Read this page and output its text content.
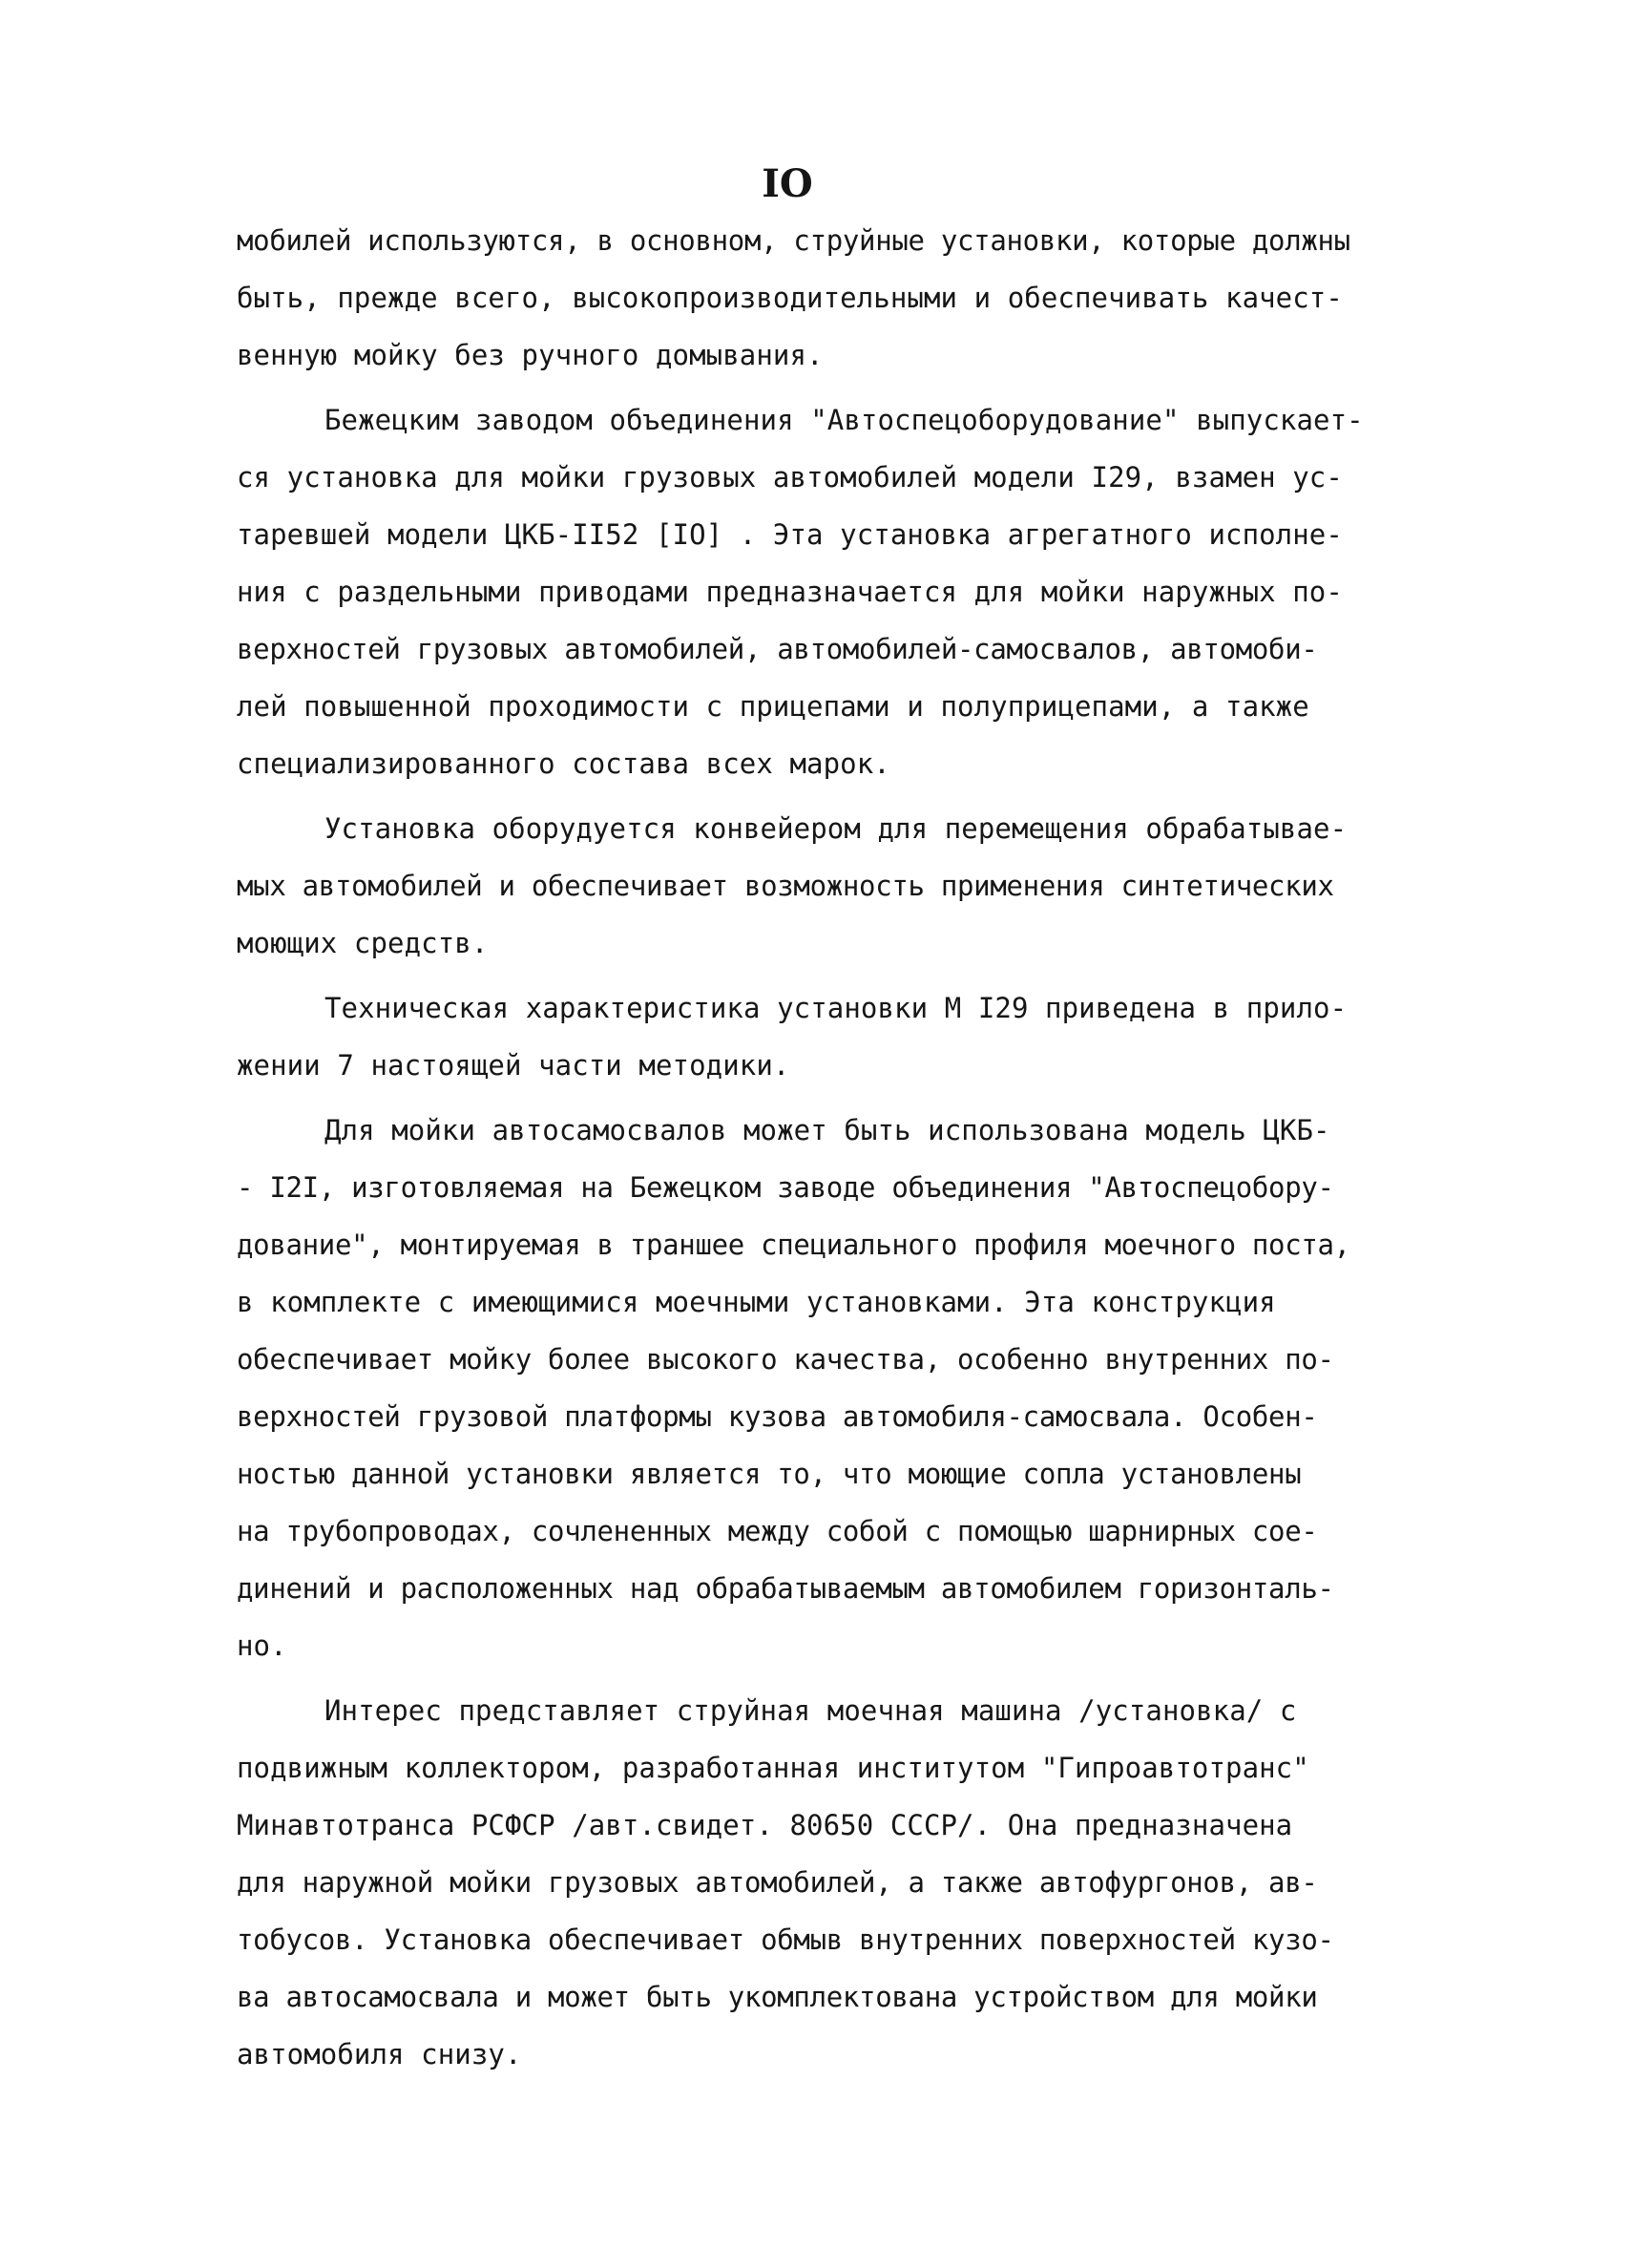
IO
мобилей используются, в основном, струйные установки, которые должны
быть, прежде всего, высокопроизводительными и обеспечивать качест-
венную мойку без ручного домывания.
Бежецким заводом объединения "Автоспецоборудование" выпускает-
ся установка для мойки грузовых автомобилей модели I29, взамен ус-
таревшей модели ЦКБ-II52 [IO] . Эта установка агрегатного исполне-
ния с раздельными приводами предназначается для мойки наружных по-
верхностей грузовых автомобилей, автомобилей-самосвалов, автомоби-
лей повышенной проходимости с прицепами и полуприцепами, а также
специализированного состава всех марок.
Установка оборудуется конвейером для перемещения обрабатывае-
мых автомобилей и обеспечивает возможность применения синтетических
моющих средств.
Техническая характеристика установки М I29 приведена в прило-
жении 7 настоящей части методики.
Для мойки автосамосвалов может быть использована модель ЦКБ-
- I2I, изготовляемая на Бежецком заводе объединения "Автоспецобору-
дование", монтируемая в траншее специального профиля моечного поста,
в комплекте с имеющимися моечными установками. Эта конструкция
обеспечивает мойку более высокого качества, особенно внутренних по-
верхностей грузовой платформы кузова автомобиля-самосвала. Особен-
ностью данной установки является то, что моющие сопла установлены
на трубопроводах, сочлененных между собой с помощью шарнирных сое-
динений и расположенных над обрабатываемым автомобилем горизонталь-
но.
Интерес представляет струйная моечная машина /установка/ с
подвижным коллектором, разработанная институтом "Гипроавтотранс"
Минавтотранса РСФСР /авт.свидет. 80650 СССР/. Она предназначена
для наружной мойки грузовых автомобилей, а также автофургонов, ав-
тобусов. Установка обеспечивает обмыв внутренних поверхностей кузо-
ва автосамосвала и может быть укомплектована устройством для мойки
автомобиля снизу.
